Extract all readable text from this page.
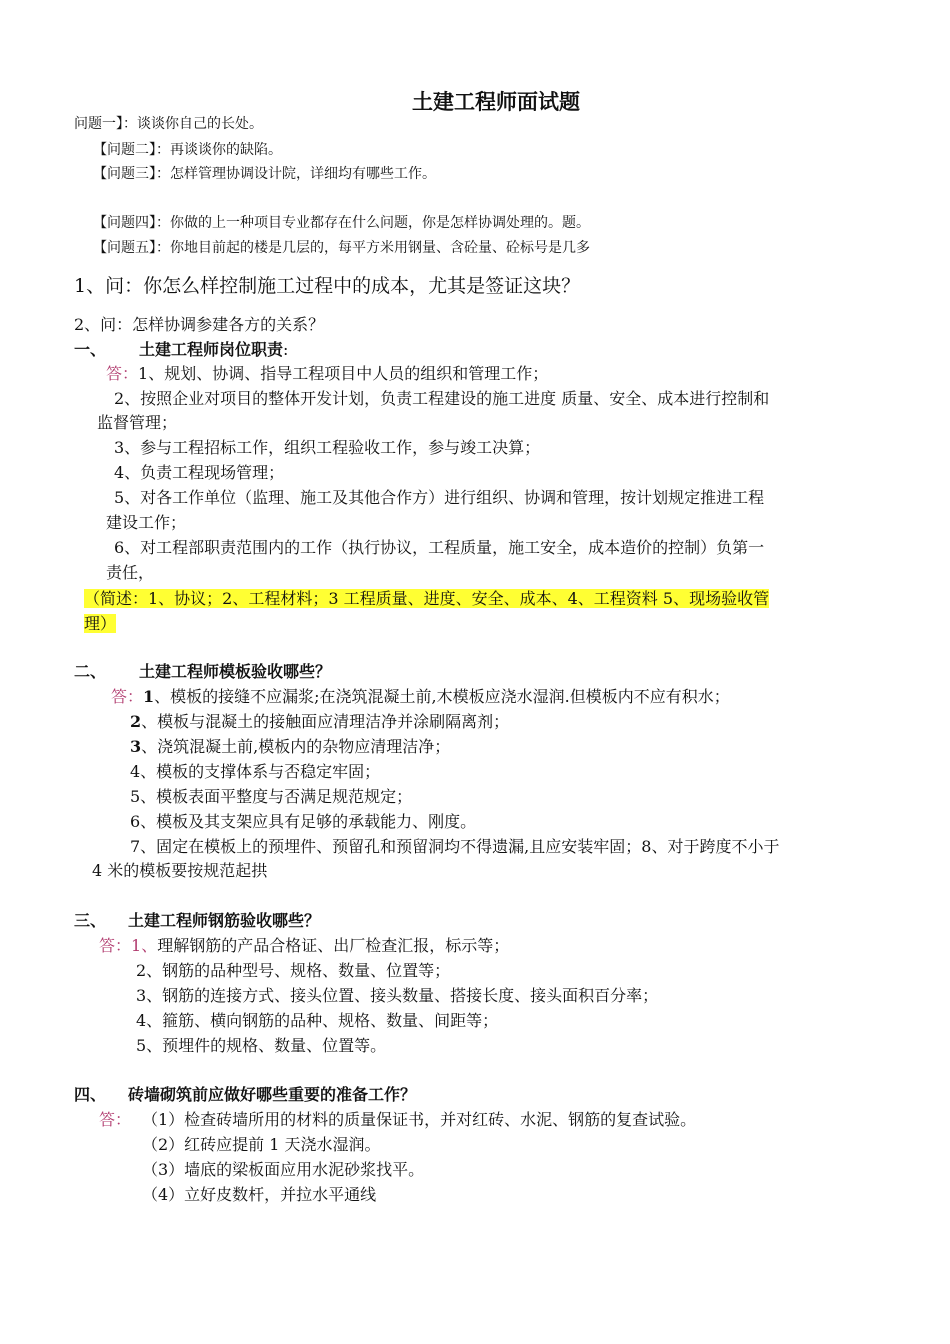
土建工程师面试题
问题一】：谈谈你自己的长处。
【问题二】：再谈谈你的缺陷。
【问题三】：怎样管理协调设计院，详细均有哪些工作。
【问题四】：你做的上一种项目专业都存在什么问题，你是怎样协调处理的。题。
【问题五】：你地目前起的楼是几层的，每平方米用钢量、含砼量、砼标号是几多
1、问：你怎么样控制施工过程中的成本，尤其是签证这块？
2、问：怎样协调参建各方的关系？
一、 土建工程师岗位职责:
答：1、规划、协调、指导工程项目中人员的组织和管理工作；
2、按照企业对项目的整体开发计划，负责工程建设的施工进度 质量、安全、成本进行控制和
监督管理；
3、参与工程招标工作，组织工程验收工作，参与竣工决算；
4、负责工程现场管理；
5、对各工作单位（监理、施工及其他合作方）进行组织、协调和管理，按计划规定推进工程
建设工作；
6、对工程部职责范围内的工作（执行协议，工程质量，施工安全，成本造价的控制）负第一
责任，
（简述：1、协议；2、工程材料；3 工程质量、进度、安全、成本、4、工程资料 5、现场验收管
理）
二、 土建工程师模板验收哪些？
答：1、模板的接缝不应漏浆;在浇筑混凝土前,木模板应浇水湿润.但模板内不应有积水；
2、模板与混凝土的接触面应清理洁净并涂刷隔离剂；
3、浇筑混凝土前,模板内的杂物应清理洁净；
4、模板的支撑体系与否稳定牢固；
5、模板表面平整度与否满足规范规定；
6、模板及其支架应具有足够的承载能力、刚度。
7、固定在模板上的预埋件、预留孔和预留洞均不得遗漏,且应安装牢固；8、对于跨度不小于
4 米的模板要按规范起拱
三、 土建工程师钢筋验收哪些？
答：1、理解钢筋的产品合格证、出厂检查汇报，标示等；
2、钢筋的品种型号、规格、数量、位置等；
3、钢筋的连接方式、接头位置、接头数量、搭接长度、接头面积百分率；
4、箍筋、横向钢筋的品种、规格、数量、间距等；
5、预埋件的规格、数量、位置等。
四、 砖墙砌筑前应做好哪些重要的准备工作？
答： （1）检查砖墙所用的材料的质量保证书，并对红砖、水泥、钢筋的复查试验。
（2）红砖应提前 1 天浇水湿润。
（3）墙底的梁板面应用水泥砂浆找平。
（4）立好皮数杆，并拉水平通线
